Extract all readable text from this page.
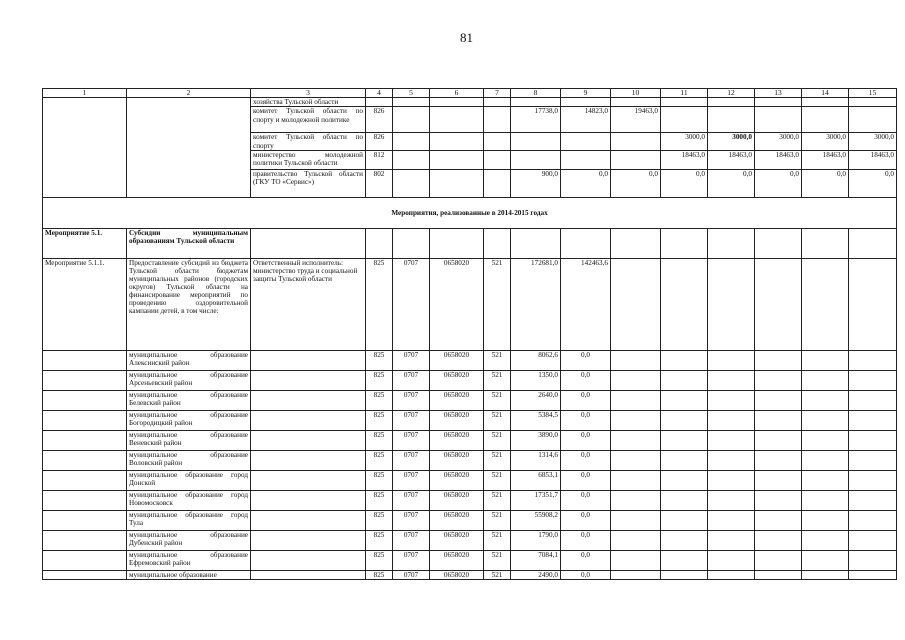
81
1	2	3	4	5	6	7	8	9	10	11	12	13	14	15
		хозяйства Тульской области												
		комитет Тульской области по спорту и молодежной политике	826				17738,0	14823,0	19463,0					
		комитет Тульской области по спорту	826							3000,0	3000,0	3000,0	3000,0	3000,0
		министерство молодежной политики Тульской области	812							18463,0	18463,0	18463,0	18463,0	18463,0
		правительство Тульской области (ГКУ ТО «Сервис»)	802				900,0	0,0	0,0	0,0	0,0	0,0	0,0	0,0
Мероприятия, реализованные в 2014-2015 годах														
Мероприятие 5.1.	Субсидии муниципальным образованиям Тульской области													
Мероприятие 5.1.1.	Предоставление субсидий из бюджета Тульской области бюджетам муниципальных районов (городских округов) Тульской области на финансирование мероприятий по проведению оздоровительной кампании детей, в том числе:	Ответственный исполнитель: министерство труда и социальной защиты Тульской области	825	0707	0658020	521	172681,0	142463,6						
	муниципальное образование Алексинский район		825	0707	0658020	521	8062,6	0,0						
	муниципальное образование Арсеньевский район		825	0707	0658020	521	1350,0	0,0						
	муниципальное образование Белевский район		825	0707	0658020	521	2640,0	0,0						
	муниципальное образование Богородицкий район		825	0707	0658020	521	5384,5	0,0						
	муниципальное образование Веневский район		825	0707	0658020	521	3890,0	0,0						
	муниципальное образование Воловский район		825	0707	0658020	521	1314,6	0,0						
	муниципальное образование город Донской		825	0707	0658020	521	6853,1	0,0						
	муниципальное образование город Новомосковск		825	0707	0658020	521	17351,7	0,0						
	муниципальное образование город Тула		825	0707	0658020	521	55908,2	0,0						
	муниципальное образование Дубенский район		825	0707	0658020	521	1790,0	0,0						
	муниципальное образование Ефремовский район		825	0707	0658020	521	7084,1	0,0						
	муниципальное образование		825	0707	0658020	521	2490,0	0,0						
